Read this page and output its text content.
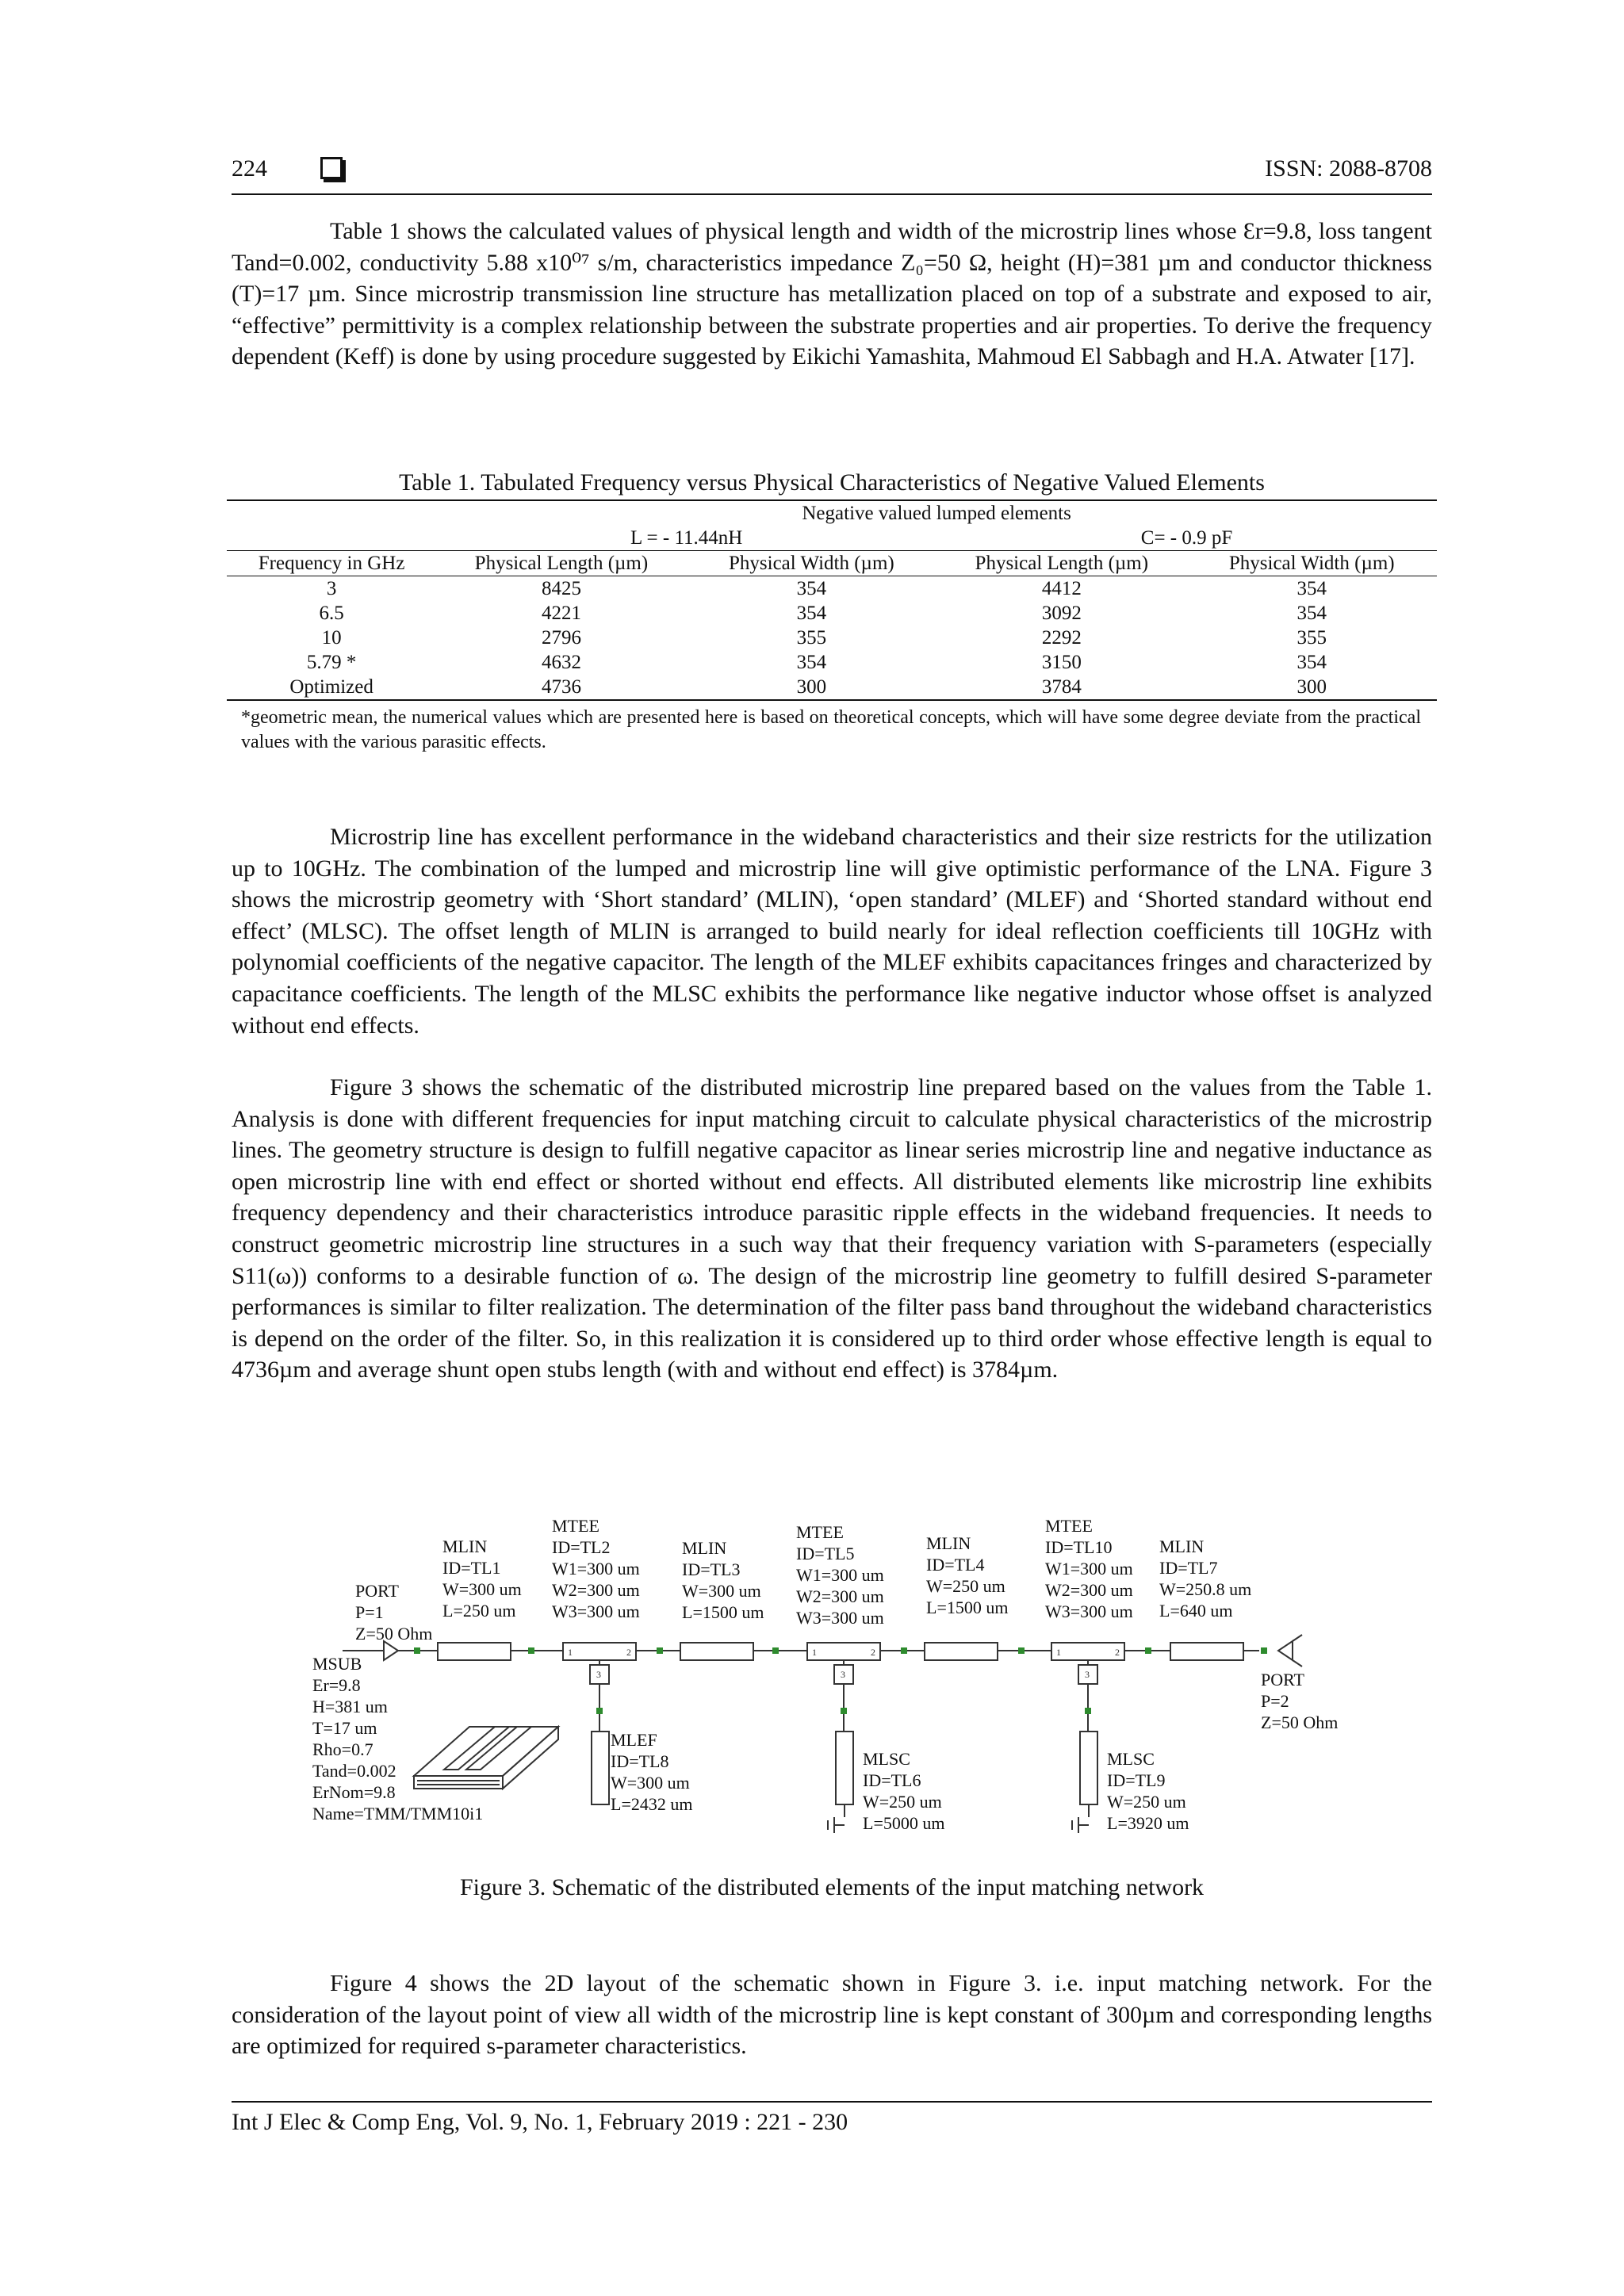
224	ISSN: 2088-8708

Table 1 shows the calculated values of physical length and width of the microstrip lines whose Ɛr=9.8, loss tangent Tand=0.002, conductivity 5.88 x10⁰⁷ s/m, characteristics impedance Z₀=50 Ω, height (H)=381 µm and conductor thickness (T)=17 µm. Since microstrip transmission line structure has metallization placed on top of a substrate and exposed to air, “effective” permittivity is a complex relationship between the substrate properties and air properties. To derive the frequency dependent (Keff) is done by using procedure suggested by Eikichi Yamashita, Mahmoud El Sabbagh and H.A. Atwater [17].

Table 1. Tabulated Frequency versus Physical Characteristics of Negative Valued Elements
	Negative valued lumped elements			
	L = - 11.44nH		C= - 0.9 pF	
Frequency in GHz	Physical Length (µm)	Physical Width (µm)	Physical Length (µm)	Physical Width (µm)
3	8425	354	4412	354
6.5	4221	354	3092	354
10	2796	355	2292	355
5.79 *	4632	354	3150	354
Optimized	4736	300	3784	300
*geometric mean, the numerical values which are presented here is based on theoretical concepts, which will have some degree deviate from the practical values with the various parasitic effects.

Microstrip line has excellent performance in the wideband characteristics and their size restricts for the utilization up to 10GHz. The combination of the lumped and microstrip line will give optimistic performance of the LNA. Figure 3 shows the microstrip geometry with ‘Short standard’ (MLIN), ‘open standard’ (MLEF) and ‘Shorted standard without end effect’ (MLSC). The offset length of MLIN is arranged to build nearly for ideal reflection coefficients till 10GHz with polynomial coefficients of the negative capacitor. The length of the MLEF exhibits capacitances fringes and characterized by capacitance coefficients. The length of the MLSC exhibits the performance like negative inductor whose offset is analyzed without end effects.

Figure 3 shows the schematic of the distributed microstrip line prepared based on the values from the Table 1. Analysis is done with different frequencies for input matching circuit to calculate physical characteristics of the microstrip lines. The geometry structure is design to fulfill negative capacitor as linear series microstrip line and negative inductance as open microstrip line with end effect or shorted without end effects. All distributed elements like microstrip line exhibits frequency dependency and their characteristics introduce parasitic ripple effects in the wideband frequencies. It needs to construct geometric microstrip line structures in a such way that their frequency variation with S-parameters (especially S11(ω)) conforms to a desirable function of ω. The design of the microstrip line geometry to fulfill desired S-parameter performances is similar to filter realization. The determination of the filter pass band throughout the wideband characteristics is depend on the order of the filter. So, in this realization it is considered up to third order whose effective length is equal to 4736µm and average shunt open stubs length (with and without end effect) is 3784µm.

1	2
3
1	2
3
1	2
3
PORT P=1 Z=50 Ohm
MSUB Er=9.8 H=381 um T=17 um Rho=0.7 Tand=0.002 ErNom=9.8 Name=TMM/TMM10i1
MLIN ID=TL1 W=300 um L=250 um
MTEE ID=TL2 W1=300 um W2=300 um W3=300 um
MLIN ID=TL3 W=300 um L=1500 um
MTEE ID=TL5 W1=300 um W2=300 um W3=300 um
MLIN ID=TL4 W=250 um L=1500 um
MTEE ID=TL10 W1=300 um W2=300 um W3=300 um
MLIN ID=TL7 W=250.8 um L=640 um
PORT P=2 Z=50 Ohm
MLEF ID=TL8 W=300 um L=2432 um
MLSC ID=TL6 W=250 um L=5000 um
MLSC ID=TL9 W=250 um L=3920 um
Figure 3. Schematic of the distributed elements of the input matching network

Figure 4 shows the 2D layout of the schematic shown in Figure 3. i.e. input matching network. For the consideration of the layout point of view all width of the microstrip line is kept constant of 300µm and corresponding lengths are optimized for required s-parameter characteristics.

Int J Elec & Comp Eng, Vol. 9, No. 1, February 2019 : 221 - 230
